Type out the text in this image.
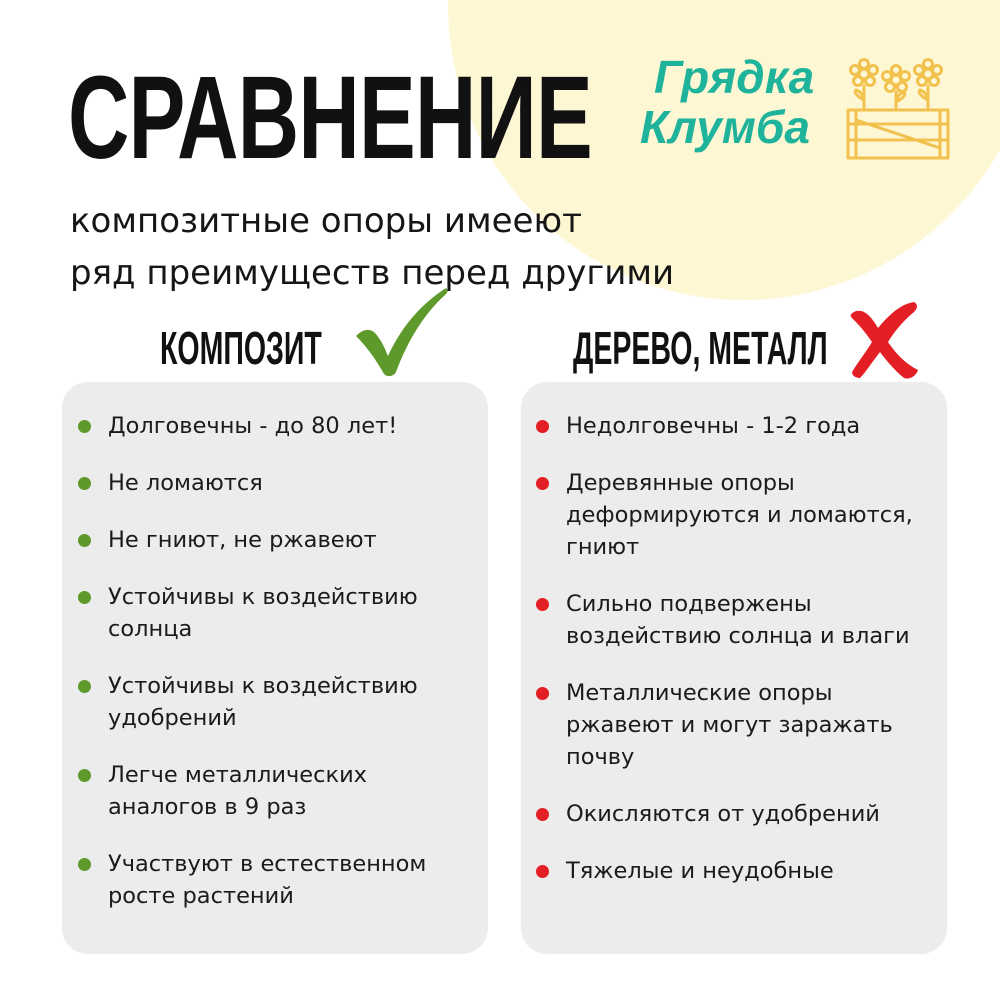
СРАВНЕНИЕ

композитные опоры имееют
ряд преимуществ перед другими

Грядка
Клумба
КОМПОЗИТ	ДЕРЕВО, МЕТАЛЛ
Долговечны - до 80 лет!
Не ломаются
Не гниют, не ржавеют
Устойчивы к воздействию солнца
Устойчивы к воздействию удобрений
Легче металлических аналогов в 9 раз
Участвуют в естественном росте растений
Недолговечны - 1-2 года
Деревянные опоры деформируются и ломаются, гниют
Сильно подвержены воздействию солнца и влаги
Металлические опоры ржавеют и могут заражать почву
Окисляются от удобрений
Тяжелые и неудобные
